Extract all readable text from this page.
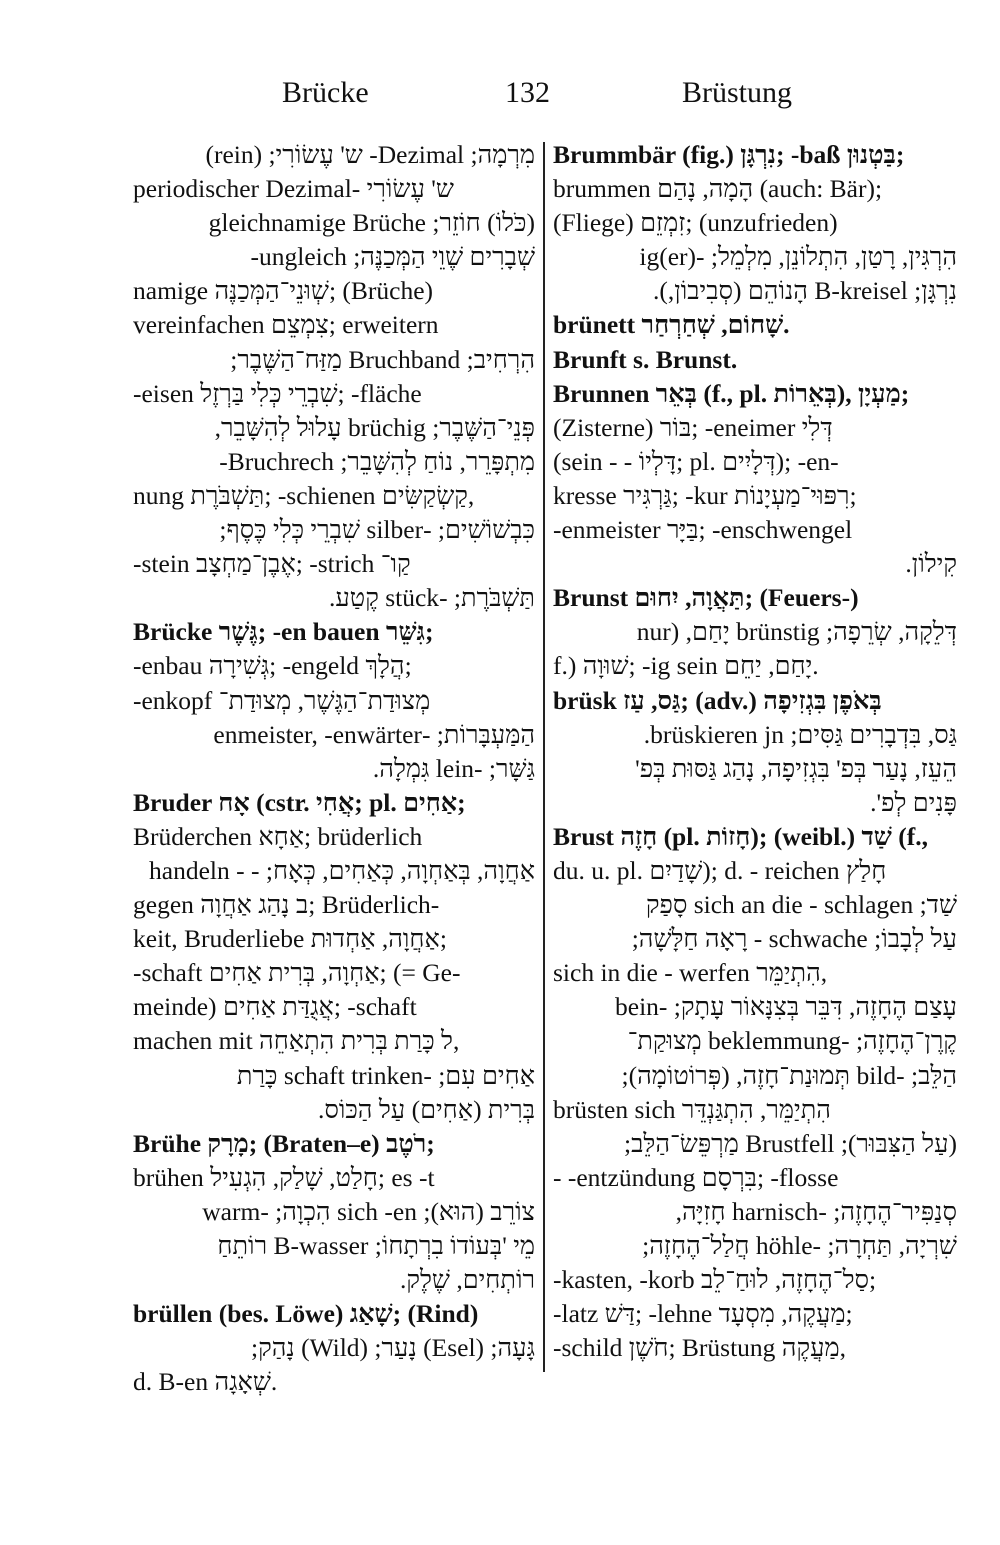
Brücke	132	Brüstung
מִרְמָה; Dezimal- ש' עֶשׂוֹרִי; (rein)
periodischer Dezimal- ש' עֶשׂוֹרִי
(כֹּלוֹ) חוֹזֵר; gleichnamige Brüche
שְׁבָרִים שֶׁוֵי הַמְּכַנֶּה; ungleich-
namige שְׁוּנֵי־הַמְּכַנֶּה; (Brüche)
vereinfachen צִמְצֵם; erweitern
הִרְחִיב; Bruchband מַזַּח־הַשֶּׁבֶר;
-eisen שִׁבְרֵי כְּלִי בַּרְזֶל; -fläche
פְּנֵי־הַשֶּׁבֶר; brüchig עָלוּל לְהִשָּׁבֵר,
מִתְפָּרֵר, נוֹחַ לְהִשָּׁבֵר; Bruchrech-
nung תַּשְׁבֹּרֶת; -schienen קַשְׂקַשִּׂים,
כִּבְשׁוֹשִׁים; -silber שִׁבְרֵי כְּלִי כֶּסֶף;
-stein אֶבֶן־מַחְצָב; -strich קַו־
תַּשְׁבֹּרֶת; -stück קֶטַע.
Brücke גֶּשֶׁר; -en bauen גִּשֵּׁר;
-enbau גְּשִׁירָה; -engeld הֲלָךְ;
-enkopf מְצוּדַת־הַגֶּשֶׁר, מְצוּדַת־
הַמַּעְבָּרוֹת; -enmeister, -enwärter
גַּשָּׁר; -lein גִּמְלָה.
Bruder אָח (cstr. אֲחִי; pl. אַחִים;
Brüderchen אַחָא; brüderlich
אַחֲוָה, בְּאַחְוָה, כְּאַחִים, כְּאָח; - - handeln
gegen ב נָהַג אַחֲוָה; Brüderlich-
keit, Bruderliebe אַחֲוָה, אַחְדוּת;
-schaft אַחְוָה, בְּרִית אַחִים; (= Ge-
meinde) אֲגֻדַּת אַחִים; -schaft
machen mit ל כָּרַת בְּרִית הִתְאַחֵה,
אַחִים עִם; -schaft trinken כָּרַת
בְּרִית (אַחִים) עַל הַכּוֹס.
Brühe מָרָק; (Braten–e) רֹטֶב;
brühen חָלַט, שָׁלַק, הִגְעִיל; es -t
צוֹרֵב (הוּא); sich -en הִכְוָה; -warm
מֵי 'בְּעוֹדוֹ בִרְתָחוֹ; B-wasser רוֹתֵחַ
רוֹתְחִים, שֶׁלֶק.
brüllen (bes. Löwe) שָׁאַג; (Rind)
גָּעָה; (Esel) נָעַר; (Wild) נָהַק;
d. B-en שְׁאָגָה.
Brummbär (fig.) נִרְגָּן; -baß בַּטְנוּן;
brummen הָמָה, נָהַם (auch: Bär);
(Fliege) זִמְזֵם; (unzufrieden)
הִרְגִּין, רָטַן, הִתְלוֹנֵן, מִלְמֵל; -ig(er)
נִרְגָּן; B-kreisel הָנוֹהֵם (סְבִיבוֹן,).
brünett שָׁחוֹם, שְׁחַרְחַר.
Brunft s. Brunst.
Brunnen בְּאֵר (f., pl. בְּאֵרוֹת), מַעְיָן;
(Zisterne) בּוֹר; -eneimer דְּלִי
(sein - - דָּלְיוֹ; pl. דְּלָיִים); -en-
kresse גַּרְגִּיר; -kur רִפּוּי־מַעְיָנוֹת;
-enmeister בַּיָּר; -enschwengel
קִילוֹן.
Brunst תַּאֲוָה, יִחוּם; (Feuers-)
דְּלֵקָה, שְׂרֵפָה; brünstig יָחַם, (nur
f.) שׁוּוָה; -ig sein יָחַם, יַחֵם.
brüsk גַּס, עַז; (adv.) בְּאֹפֶן בִּגְזִיפָה
גַּס, בִּדְבָרִים גַּסִּים; brüskieren jn.
הֵעֵז, נָעַר בְּפ' בִּגְזִיפָה, נָהַג גַּסּוּת בְּפ'
פָּנִים לְפ'.
Brust חָזֶה (pl. חָזוֹת); (weibl.) שַׁד (f.,
du. u. pl. שָׁדַיִם); d. - reichen חָלַץ
שַׁד; sich an die - schlagen סָפַק
עַל לְבָבוֹ; schwache - רָאָה חַלָּשָׁה;
sich in die - werfen הִתְיַמֵּר,
עָצַם הֶחָזֶה, דִּבֵּר בְּצִנָּאוֹר עָתָק; -bein
קֶרֶן־הֶחָזֶה; -beklemmung מְצוּקַת־
הַלֵּב; -bild תְּמוּנַת־חָזֶה, (פְּרוֹטוֹמָה);
brüsten sich הִתְיַמֵּר, הִתְגַּנְדֵּר
(עַל הַצִּבּוּר); Brustfell מַרְפֵּשׂ־הַלֵּב;
- -entzündung בִּרְסָם; -flosse
סְנַפִּיר־הֶחָזֶה; -harnisch חָזִיָּה,
שִׁרְיָה, תַּחְרָה; -höhle חֲלַל־הֶחָזֶה;
-kasten, -korb סַל־הֶחָזֶה, לוּחַ־לֵב;
-latz דַּשׁ; -lehne מַעֲקֶה, מִסְעָד;
-schild חֹשֶׁן; Brüstung מַעֲקֶה,
